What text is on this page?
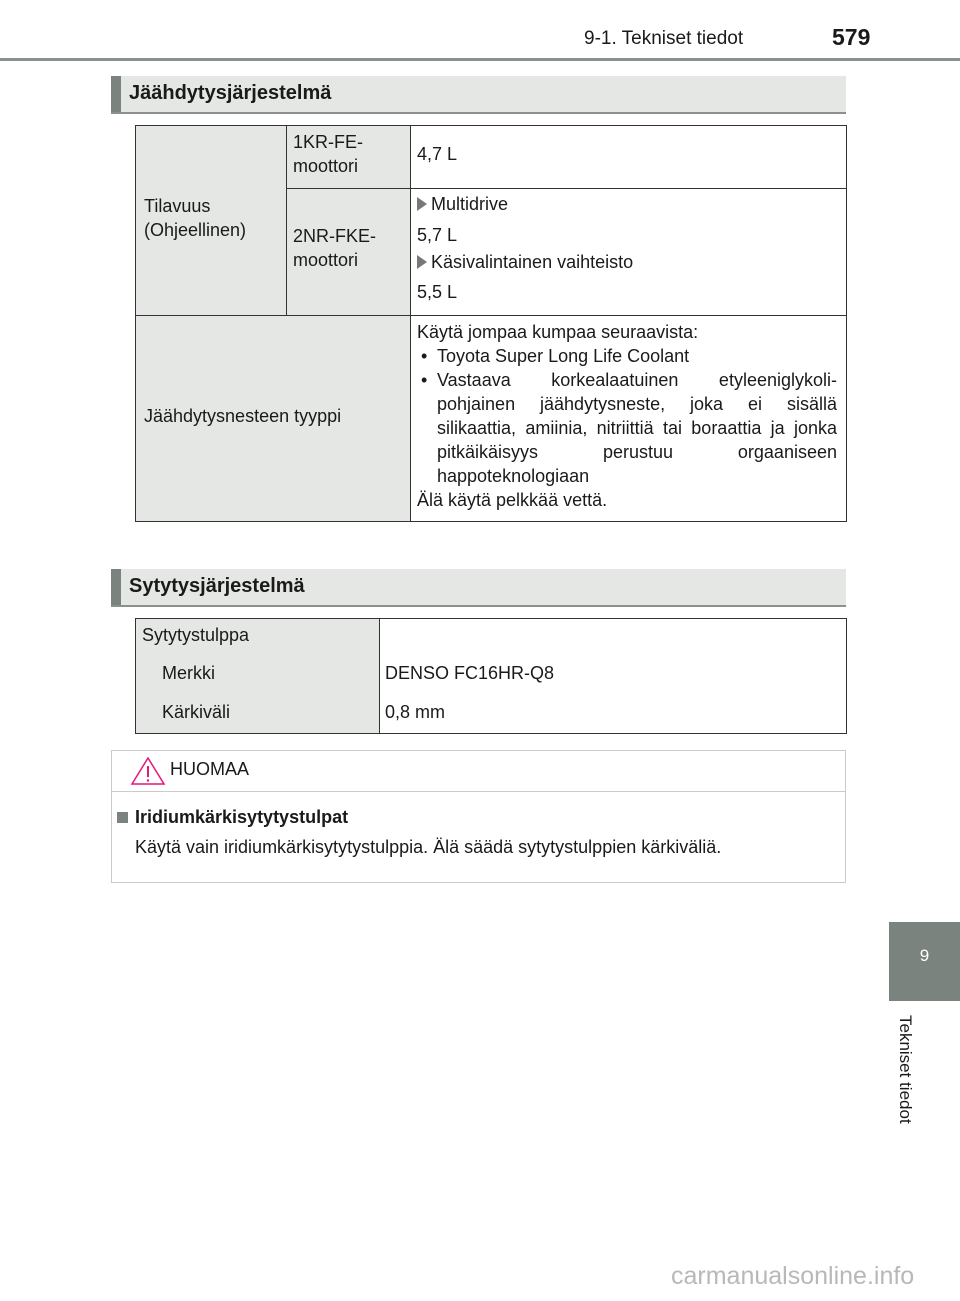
9-1. Tekniset tiedot	579
Jäähdytysjärjestelmä
Tilavuus (Ohjeellinen)
1KR-FE-moottori
4,7 L
2NR-FKE-moottori
Multidrive
5,7 L
Käsivalintainen vaihteisto
5,5 L
Jäähdytysnesteen tyyppi
Käytä jompaa kumpaa seuraavista:
• Toyota Super Long Life Coolant
• Vastaava korkealaatuinen etyleeniglykoli-pohjainen jäähdytysneste, joka ei sisällä silikaattia, amiinia, nitriittiä tai boraattia ja jonka pitkäikäisyys perustuu orgaaniseen happoteknologiaan
Älä käytä pelkkää vettä.
Sytytysjärjestelmä
Sytytystulppa
Merkki
Kärkiväli
DENSO FC16HR-Q8
0,8 mm
HUOMAA
Iridiumkärkisytytystulpat
Käytä vain iridiumkärkisytytystulppia. Älä säädä sytytystulppien kärkiväliä.
9
Tekniset tiedot
carmanualsonline.info
